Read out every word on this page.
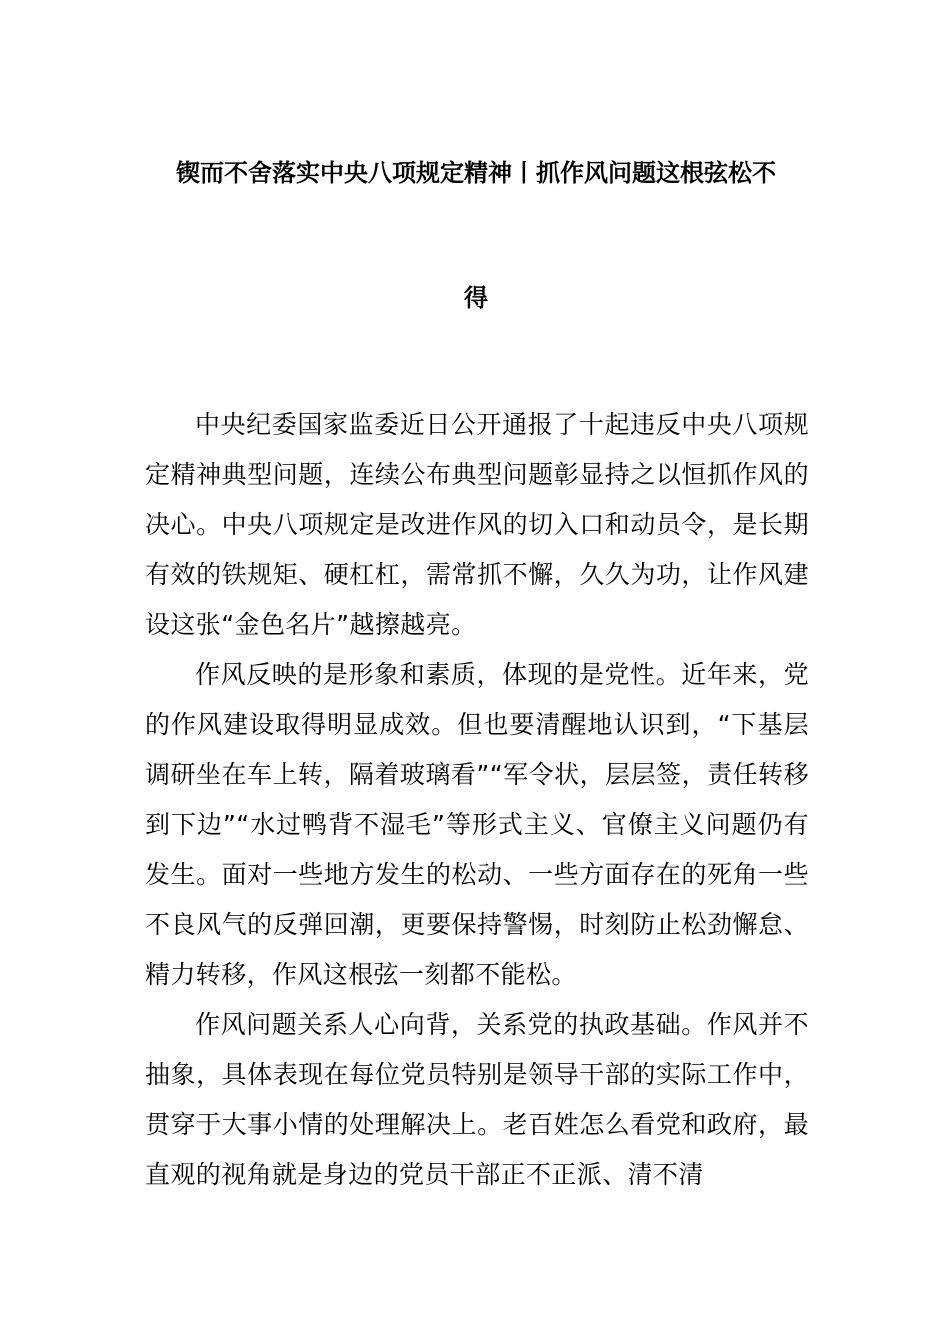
锲而不舍落实中央八项规定精神丨抓作风问题这根弦松不
得

中央纪委国家监委近日公开通报了十起违反中央八项规定精神典型问题，连续公布典型问题彰显持之以恒抓作风的决心。中央八项规定是改进作风的切入口和动员令，是长期有效的铁规矩、硬杠杠，需常抓不懈，久久为功，让作风建设这张“金色名片”越擦越亮。

作风反映的是形象和素质，体现的是党性。近年来，党的作风建设取得明显成效。但也要清醒地认识到，“下基层调研坐在车上转，隔着玻璃看”“军令状，层层签，责任转移到下边”“水过鸭背不湿毛”等形式主义、官僚主义问题仍有发生。面对一些地方发生的松动、一些方面存在的死角一些不良风气的反弹回潮，更要保持警惕，时刻防止松劲懈怠、精力转移，作风这根弦一刻都不能松。

作风问题关系人心向背，关系党的执政基础。作风并不抽象，具体表现在每位党员特别是领导干部的实际工作中，贯穿于大事小情的处理解决上。老百姓怎么看党和政府，最直观的视角就是身边的党员干部正不正派、清不清
